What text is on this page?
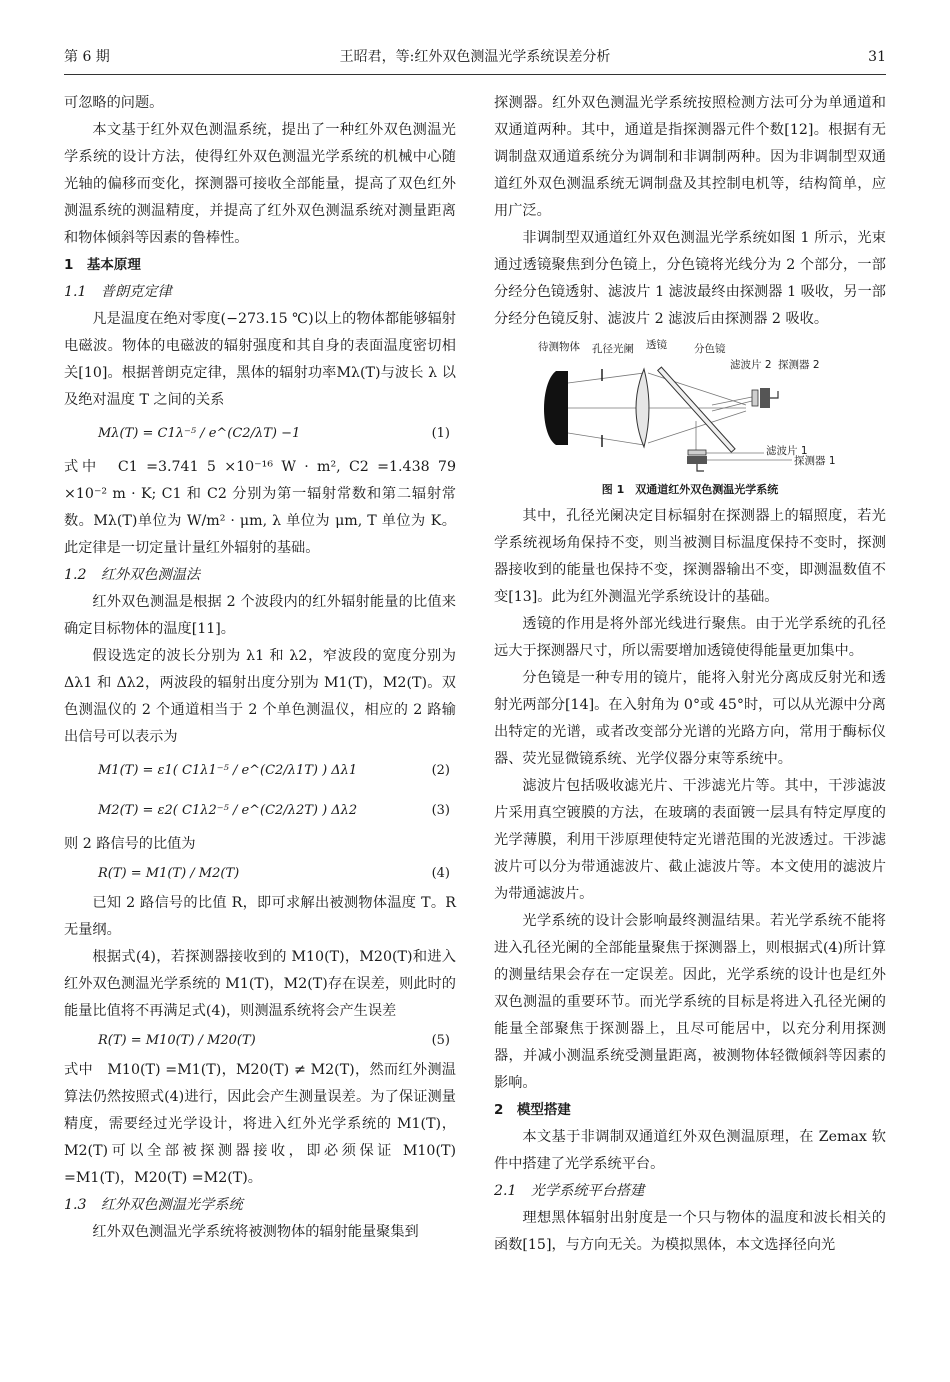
第 6 期	王昭君，等:红外双色测温光学系统误差分析	31

可忽略的问题。

本文基于红外双色测温系统，提出了一种红外双色测温光学系统的设计方法，使得红外双色测温光学系统的机械中心随光轴的偏移而变化，探测器可接收全部能量，提高了双色红外测温系统的测温精度，并提高了红外双色测温系统对测量距离和物体倾斜等因素的鲁棒性。

1　基本原理

1.1　普朗克定律

凡是温度在绝对零度(−273.15 ℃)以上的物体都能够辐射电磁波。物体的电磁波的辐射强度和其自身的表面温度密切相关[10]。根据普朗克定律，黑体的辐射功率Mλ(T)与波长 λ 以及绝对温度 T 之间的关系

Mλ(T) = C1λ⁻⁵ / e^(C2/λT) −1	(1)

式中　C1 =3.741 5 ×10⁻¹⁶ W · m², C2 =1.438 79 ×10⁻² m · K; C1 和 C2 分别为第一辐射常数和第二辐射常数。Mλ(T)单位为 W/m² · μm, λ 单位为 μm, T 单位为 K。此定律是一切定量计量红外辐射的基础。

1.2　红外双色测温法

红外双色测温是根据 2 个波段内的红外辐射能量的比值来确定目标物体的温度[11]。

假设选定的波长分别为 λ1 和 λ2，窄波段的宽度分别为 Δλ1 和 Δλ2，两波段的辐射出度分别为 M1(T)，M2(T)。双色测温仪的 2 个通道相当于 2 个单色测温仪，相应的 2 路输出信号可以表示为

M1(T) = ε1( C1λ1⁻⁵ / e^(C2/λ1T) ) Δλ1	(2)
M2(T) = ε2( C1λ2⁻⁵ / e^(C2/λ2T) ) Δλ2	(3)

则 2 路信号的比值为

R(T) = M1(T) / M2(T)	(4)

已知 2 路信号的比值 R，即可求解出被测物体温度 T。R 无量纲。

根据式(4)，若探测器接收到的 M10(T)，M20(T)和进入红外双色测温光学系统的 M1(T)，M2(T)存在误差，则此时的能量比值将不再满足式(4)，则测温系统将会产生误差

R(T) = M10(T) / M20(T)	(5)

式中　M10(T) =M1(T)，M20(T) ≠ M2(T)，然而红外测温算法仍然按照式(4)进行，因此会产生测量误差。为了保证测量精度，需要经过光学设计，将进入红外光学系统的 M1(T)，M2(T)可以全部被探测器接收，即必须保证 M10(T) =M1(T)，M20(T) =M2(T)。

1.3　红外双色测温光学系统

红外双色测温光学系统将被测物体的辐射能量聚集到

探测器。红外双色测温光学系统按照检测方法可分为单通道和双通道两种。其中，通道是指探测器元件个数[12]。根据有无调制盘双通道系统分为调制和非调制两种。因为非调制型双通道红外双色测温系统无调制盘及其控制电机等，结构简单，应用广泛。

非调制型双通道红外双色测温光学系统如图 1 所示，光束通过透镜聚焦到分色镜上，分色镜将光线分为 2 个部分，一部分经分色镜透射、滤波片 1 滤波最终由探测器 1 吸收，另一部分经分色镜反射、滤波片 2 滤波后由探测器 2 吸收。

待测物体 孔径光阑 透镜	分色镜
滤波片 2 探测器 2
滤波片 1
探测器 1
图 1　双通道红外双色测温光学系统

其中，孔径光阑决定目标辐射在探测器上的辐照度，若光学系统视场角保持不变，则当被测目标温度保持不变时，探测器接收到的能量也保持不变，探测器输出不变，即测温数值不变[13]。此为红外测温光学系统设计的基础。

透镜的作用是将外部光线进行聚焦。由于光学系统的孔径远大于探测器尺寸，所以需要增加透镜使得能量更加集中。

分色镜是一种专用的镜片，能将入射光分离成反射光和透射光两部分[14]。在入射角为 0°或 45°时，可以从光源中分离出特定的光谱，或者改变部分光谱的光路方向，常用于酶标仪器、荧光显微镜系统、光学仪器分束等系统中。

滤波片包括吸收滤光片、干涉滤光片等。其中，干涉滤波片采用真空镀膜的方法，在玻璃的表面镀一层具有特定厚度的光学薄膜，利用干涉原理使特定光谱范围的光波透过。干涉滤波片可以分为带通滤波片、截止滤波片等。本文使用的滤波片为带通滤波片。

光学系统的设计会影响最终测温结果。若光学系统不能将进入孔径光阑的全部能量聚焦于探测器上，则根据式(4)所计算的测量结果会存在一定误差。因此，光学系统的设计也是红外双色测温的重要环节。而光学系统的目标是将进入孔径光阑的能量全部聚焦于探测器上，且尽可能居中，以充分利用探测器，并减小测温系统受测量距离，被测物体轻微倾斜等因素的影响。

2　模型搭建

本文基于非调制双通道红外双色测温原理，在 Zemax 软件中搭建了光学系统平台。

2.1　光学系统平台搭建

理想黑体辐射出射度是一个只与物体的温度和波长相关的函数[15]，与方向无关。为模拟黑体，本文选择径向光
